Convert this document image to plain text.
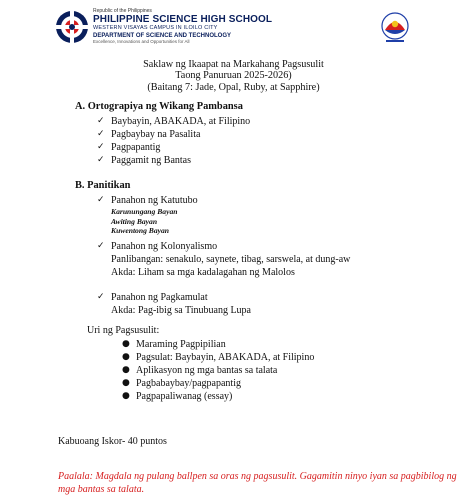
Republic of the Philippines
PHILIPPINE SCIENCE HIGH SCHOOL
WESTERN VISAYAS CAMPUS IN ILOILO CITY
DEPARTMENT OF SCIENCE AND TECHNOLOGY
Excellence, Innovations and Opportunities for All
Saklaw ng Ikaapat na Markahang Pagsusulit
Taong Panuruan 2025-2026)
(Baitang 7: Jade, Opal, Ruby, at Sapphire)
A. Ortograpiya ng Wikang Pambansa
✓ Baybayin, ABAKADA, at Filipino
✓ Pagbaybay na Pasalita
✓ Pagpapantig
✓ Paggamit ng Bantas
B. Panitikan
✓ Panahon ng Katutubo
Karunungang Bayan
Awiting Bayan
Kuwentong Bayan
✓ Panahon ng Kolonyalismo
Panlibangan: senakulo, saynete, tibag, sarswela, at dung-aw
Akda: Liham sa mga kadalagahan ng Malolos
✓ Panahon ng Pagkamulat
Akda: Pag-ibig sa Tinubuang Lupa
Uri ng Pagsusulit:
● Maraming Pagpipilian
● Pagsulat: Baybayin, ABAKADA, at Filipino
● Aplikasyon ng mga bantas sa talata
● Pagbabaybay/pagpapantig
● Pagpapaliwanag (essay)
Kabuoang Iskor- 40 puntos
Paalala: Magdala ng pulang ballpen sa oras ng pagsusulit. Gagamitin ninyo iyan sa pagbibilog ng mga bantas sa talata.
